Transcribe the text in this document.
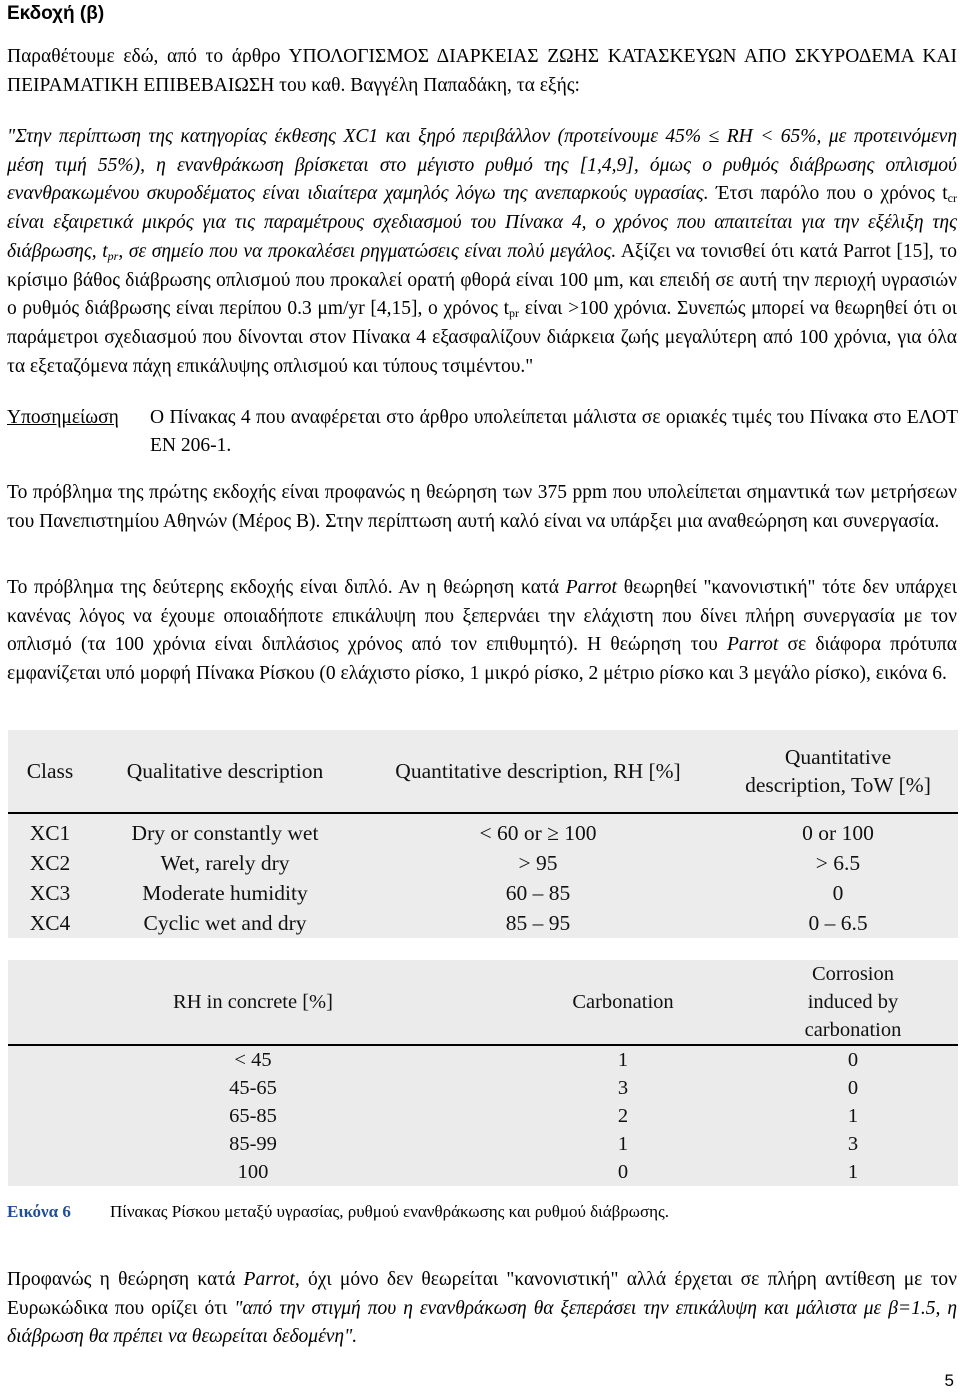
Εκδοχή (β)

Παραθέτουμε εδώ, από το άρθρο ΥΠΟΛΟΓΙΣΜΟΣ ΔΙΑΡΚΕΙΑΣ ΖΩΗΣ ΚΑΤΑΣΚΕΥΩΝ ΑΠΟ ΣΚΥΡΟΔΕΜΑ ΚΑΙ ΠΕΙΡΑΜΑΤΙΚΗ ΕΠΙΒΕΒΑΙΩΣΗ του καθ. Βαγγέλη Παπαδάκη, τα εξής:

"Στην περίπτωση της κατηγορίας έκθεσης XC1 και ξηρό περιβάλλον (προτείνουμε 45% ≤ RH < 65%, με προτεινόμενη μέση τιμή 55%), η ενανθράκωση βρίσκεται στο μέγιστο ρυθμό της [1,4,9], όμως ο ρυθμός διάβρωσης οπλισμού ενανθρακωμένου σκυροδέματος είναι ιδιαίτερα χαμηλός λόγω της ανεπαρκούς υγρασίας. Έτσι παρόλο που ο χρόνος $t_{cr}$ είναι εξαιρετικά μικρός για τις παραμέτρους σχεδιασμού του Πίνακα 4, ο χρόνος που απαιτείται για την εξέλιξη της διάβρωσης, $t_{pr}$, σε σημείο που να προκαλέσει ρηγματώσεις είναι πολύ μεγάλος. Αξίζει να τονισθεί ότι κατά Parrot [15], το κρίσιμο βάθος διάβρωσης οπλισμού που προκαλεί ορατή φθορά είναι 100 μm, και επειδή σε αυτή την περιοχή υγρασιών ο ρυθμός διάβρωσης είναι περίπου 0.3 μm/yr [4,15], ο χρόνος $t_{pr}$ είναι >100 χρόνια. Συνεπώς μπορεί να θεωρηθεί ότι οι παράμετροι σχεδιασμού που δίνονται στον Πίνακα 4 εξασφαλίζουν διάρκεια ζωής μεγαλύτερη από 100 χρόνια, για όλα τα εξεταζόμενα πάχη επικάλυψης οπλισμού και τύπους τσιμέντου."

Υποσημείωση Ο Πίνακας 4 που αναφέρεται στο άρθρο υπολείπεται μάλιστα σε οριακές τιμές του Πίνακα στο ΕΛΟΤ ΕΝ 206-1.

Το πρόβλημα της πρώτης εκδοχής είναι προφανώς η θεώρηση των 375 ppm που υπολείπεται σημαντικά των μετρήσεων του Πανεπιστημίου Αθηνών (Μέρος Β). Στην περίπτωση αυτή καλό είναι να υπάρξει μια αναθεώρηση και συνεργασία.

Το πρόβλημα της δεύτερης εκδοχής είναι διπλό. Αν η θεώρηση κατά Parrot θεωρηθεί "κανονιστική" τότε δεν υπάρχει κανένας λόγος να έχουμε οποιαδήποτε επικάλυψη που ξεπερνάει την ελάχιστη που δίνει πλήρη συνεργασία με τον οπλισμό (τα 100 χρόνια είναι διπλάσιος χρόνος από τον επιθυμητό). Η θεώρηση του Parrot σε διάφορα πρότυπα εμφανίζεται υπό μορφή Πίνακα Ρίσκου (0 ελάχιστο ρίσκο, 1 μικρό ρίσκο, 2 μέτριο ρίσκο και 3 μεγάλο ρίσκο), εικόνα 6.

Class	Qualitative description	Quantitative description, RH [%]	Quantitative description, ToW [%]
XC1	Dry or constantly wet	< 60 or ≥ 100	0 or 100
XC2	Wet, rarely dry	> 95	> 6.5
XC3	Moderate humidity	60 – 85	0
XC4	Cyclic wet and dry	85 – 95	0 – 6.5
RH in concrete [%]	Carbonation	Corrosion induced by carbonation
< 45	1	0
45-65	3	0
65-85	2	1
85-99	1	3
100	0	1
Εικόνα 6 Πίνακας Ρίσκου μεταξύ υγρασίας, ρυθμού ενανθράκωσης και ρυθμού διάβρωσης.

Προφανώς η θεώρηση κατά Parrot, όχι μόνο δεν θεωρείται "κανονιστική" αλλά έρχεται σε πλήρη αντίθεση με τον Ευρωκώδικα που ορίζει ότι "από την στιγμή που η ενανθράκωση θα ξεπεράσει την επικάλυψη και μάλιστα με β=1.5, η διάβρωση θα πρέπει να θεωρείται δεδομένη".

5
